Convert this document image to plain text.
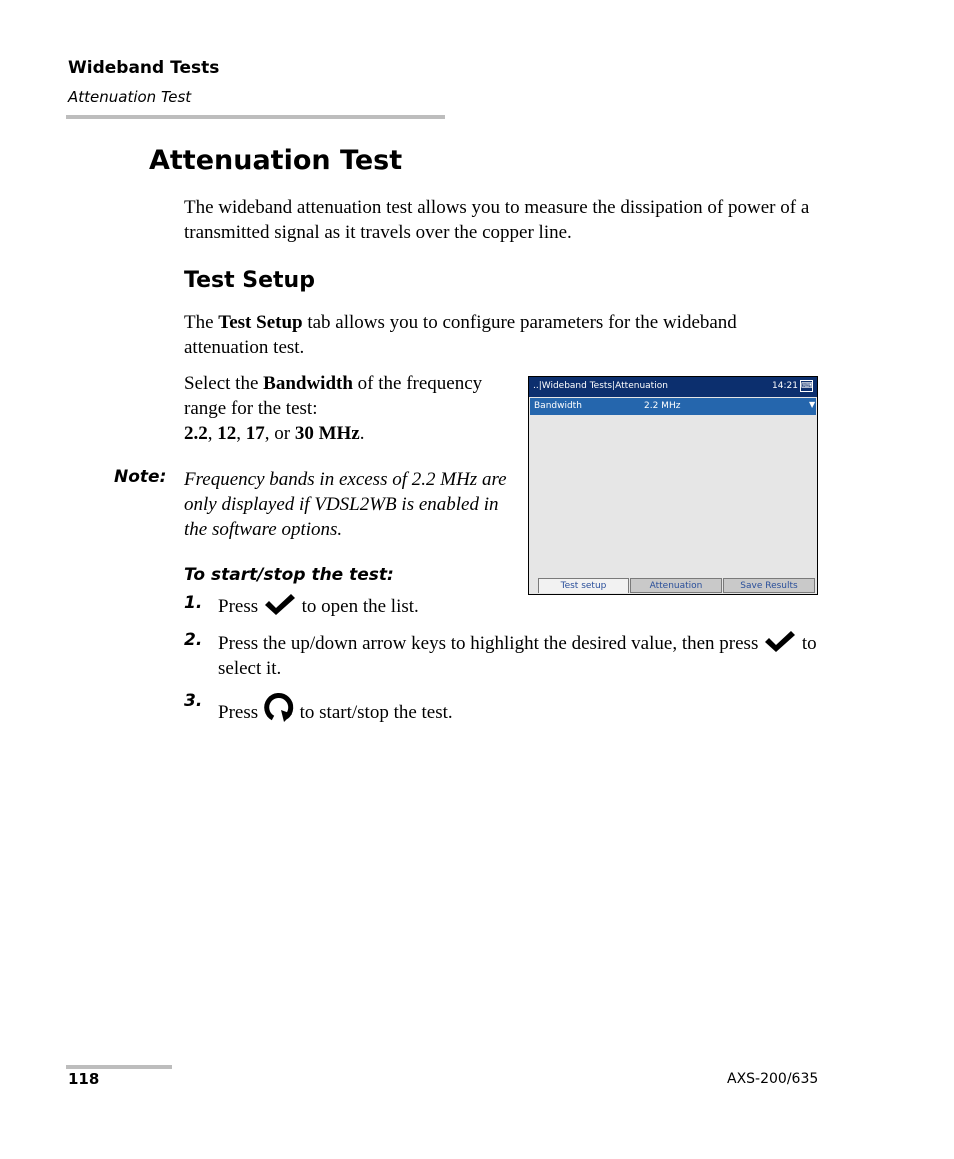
Wideband Tests
Attenuation Test
Attenuation Test

The wideband attenuation test allows you to measure the dissipation of power of a transmitted signal as it travels over the copper line.

Test Setup

The Test Setup tab allows you to configure parameters for the wideband attenuation test.

Select the Bandwidth of the frequency range for the test:
2.2, 12, 17, or 30 MHz.

Note: Frequency bands in excess of 2.2 MHz are only displayed if VDSL2WB is enabled in the software options.

..|Wideband Tests|Attenuation	14:21 ⌨
Bandwidth	2.2 MHz	▼
Test setup	Attenuation	Save Results
To start/stop the test:
1. Press  to open the list.
2. Press the up/down arrow keys to highlight the desired value, then press  to select it.
3.
Press  to start/stop the test.
118	AXS-200/635
